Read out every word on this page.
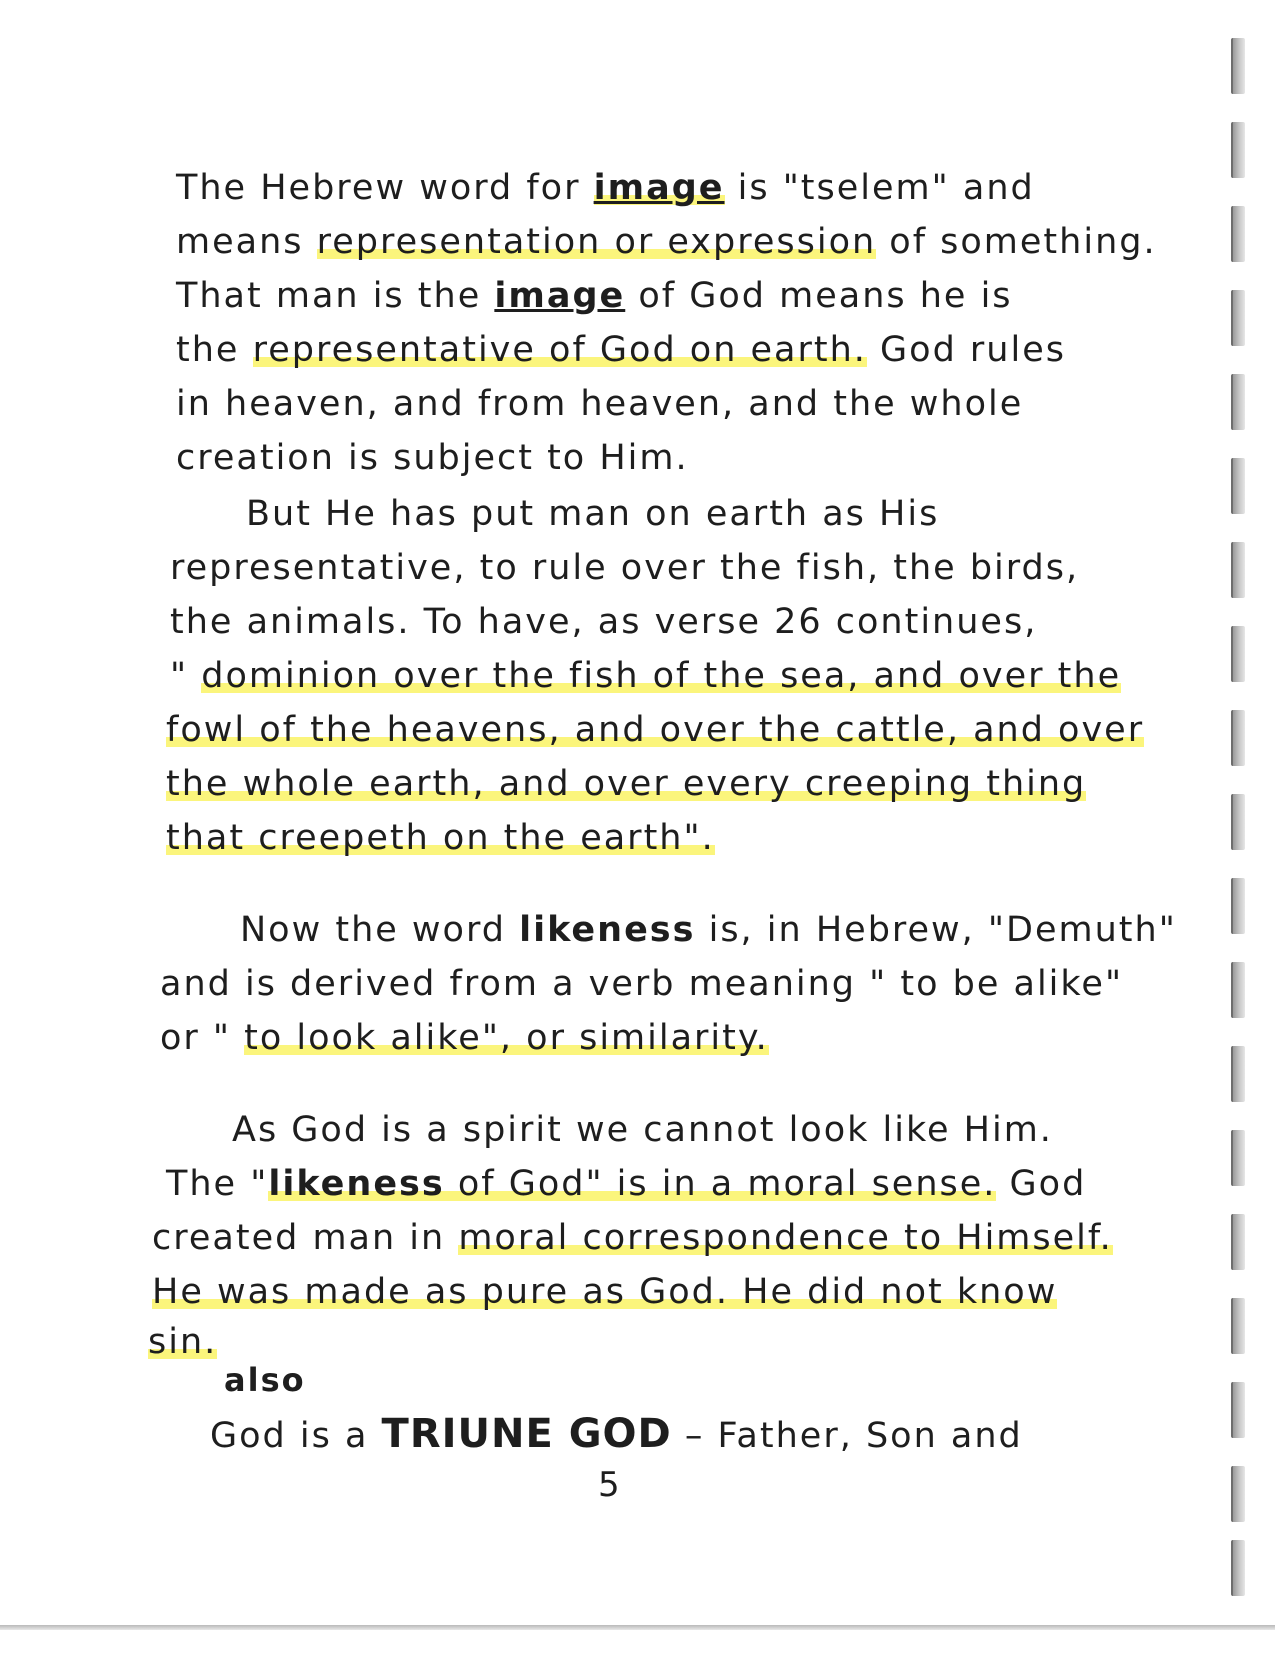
The Hebrew word for image is "tselem" and
means representation or expression of something.
That man is the image of God means he is
the representative of God on earth. God rules
in heaven, and from heaven, and the whole
creation is subject to Him.
But He has put man on earth as His
representative, to rule over the fish, the birds,
the animals. To have, as verse 26 continues,
" dominion over the fish of the sea, and over the
fowl of the heavens, and over the cattle, and over
the whole earth, and over every creeping thing
that creepeth on the earth".
Now the word likeness is, in Hebrew, "Demuth"
and is derived from a verb meaning " to be alike"
or " to look alike", or similarity.
As God is a spirit we cannot look like Him.
The "likeness of God" is in a moral sense. God
created man in moral correspondence to Himself.
He was made as pure as God. He did not know
sin.
also
God is a TRIUNE GOD – Father, Son and
5
